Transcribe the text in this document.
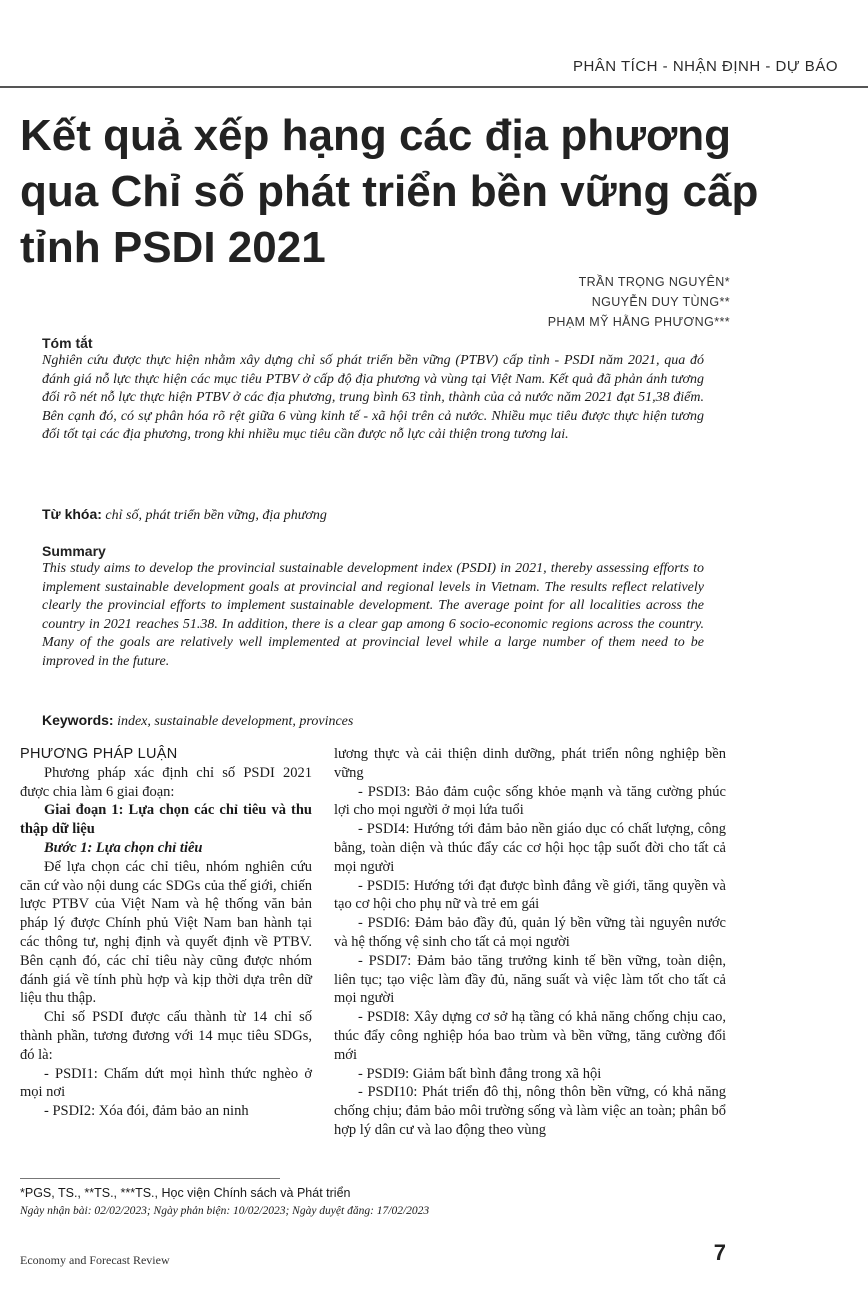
PHÂN TÍCH - NHẬN ĐỊNH - DỰ BÁO
Kết quả xếp hạng các địa phương qua Chỉ số phát triển bền vững cấp tỉnh PSDI 2021
TRẦN TRỌNG NGUYÊN*
NGUYỄN DUY TÙNG**
PHẠM MỸ HẰNG PHƯƠNG***
Tóm tắt

Nghiên cứu được thực hiện nhằm xây dựng chỉ số phát triển bền vững (PTBV) cấp tỉnh - PSDI năm 2021, qua đó đánh giá nỗ lực thực hiện các mục tiêu PTBV ở cấp độ địa phương và vùng tại Việt Nam. Kết quả đã phản ánh tương đối rõ nét nỗ lực thực hiện PTBV ở các địa phương, trung bình 63 tỉnh, thành của cả nước năm 2021 đạt 51,38 điểm. Bên cạnh đó, có sự phân hóa rõ rệt giữa 6 vùng kinh tế - xã hội trên cả nước. Nhiều mục tiêu được thực hiện tương đối tốt tại các địa phương, trong khi nhiều mục tiêu cần được nỗ lực cải thiện trong tương lai.

Từ khóa: chỉ số, phát triển bền vững, địa phương
Summary

This study aims to develop the provincial sustainable development index (PSDI) in 2021, thereby assessing efforts to implement sustainable development goals at provincial and regional levels in Vietnam. The results reflect relatively clearly the provincial efforts to implement sustainable development. The average point for all localities across the country in 2021 reaches 51.38. In addition, there is a clear gap among 6 socio-economic regions across the country. Many of the goals are relatively well implemented at provincial level while a large number of them need to be improved in the future.

Keywords: index, sustainable development, provinces

PHƯƠNG PHÁP LUẬN

Phương pháp xác định chỉ số PSDI 2021 được chia làm 6 giai đoạn:

Giai đoạn 1: Lựa chọn các chỉ tiêu và thu thập dữ liệu

Bước 1: Lựa chọn chỉ tiêu

Để lựa chọn các chỉ tiêu, nhóm nghiên cứu căn cứ vào nội dung các SDGs của thế giới, chiến lược PTBV của Việt Nam và hệ thống văn bản pháp lý được Chính phủ Việt Nam ban hành tại các thông tư, nghị định và quyết định về PTBV. Bên cạnh đó, các chỉ tiêu này cũng được nhóm đánh giá về tính phù hợp và kịp thời dựa trên dữ liệu thu thập.

Chỉ số PSDI được cấu thành từ 14 chỉ số thành phần, tương đương với 14 mục tiêu SDGs, đó là:

- PSDI1: Chấm dứt mọi hình thức nghèo ở mọi nơi

- PSDI2: Xóa đói, đảm bảo an ninh

lương thực và cải thiện dinh dưỡng, phát triển nông nghiệp bền vững

- PSDI3: Bảo đảm cuộc sống khỏe mạnh và tăng cường phúc lợi cho mọi người ở mọi lứa tuổi

- PSDI4: Hướng tới đảm bảo nền giáo dục có chất lượng, công bằng, toàn diện và thúc đẩy các cơ hội học tập suốt đời cho tất cả mọi người

- PSDI5: Hướng tới đạt được bình đẳng về giới, tăng quyền và tạo cơ hội cho phụ nữ và trẻ em gái

- PSDI6: Đảm bảo đầy đủ, quản lý bền vững tài nguyên nước và hệ thống vệ sinh cho tất cả mọi người

- PSDI7: Đảm bảo tăng trưởng kinh tế bền vững, toàn diện, liên tục; tạo việc làm đầy đủ, năng suất và việc làm tốt cho tất cả mọi người

- PSDI8: Xây dựng cơ sở hạ tầng có khả năng chống chịu cao, thúc đẩy công nghiệp hóa bao trùm và bền vững, tăng cường đổi mới

- PSDI9: Giảm bất bình đẳng trong xã hội

- PSDI10: Phát triển đô thị, nông thôn bền vững, có khả năng chống chịu; đảm bảo môi trường sống và làm việc an toàn; phân bổ hợp lý dân cư và lao động theo vùng

*PGS, TS., **TS., ***TS., Học viện Chính sách và Phát triển
Ngày nhận bài: 02/02/2023; Ngày phản biện: 10/02/2023; Ngày duyệt đăng: 17/02/2023
Economy and Forecast Review	7
